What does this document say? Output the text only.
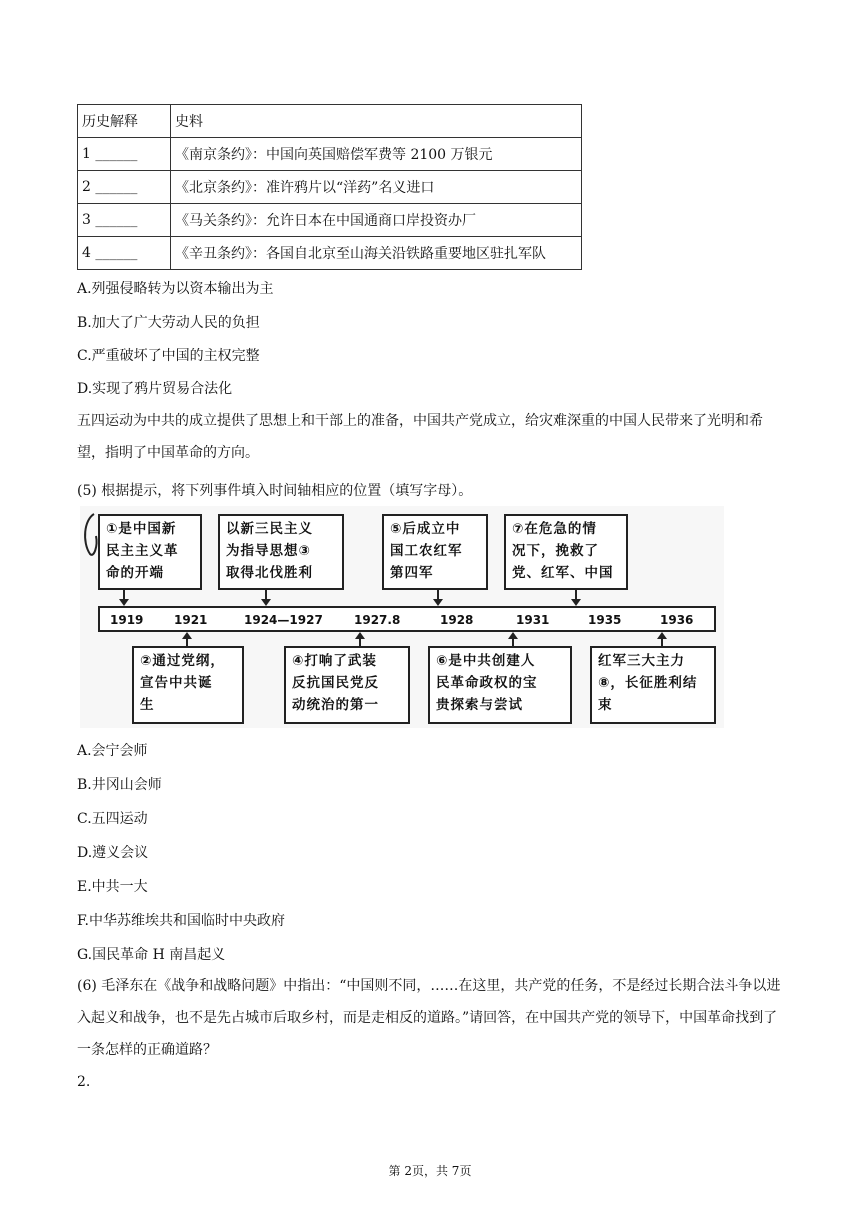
历史解释	史料
1 ______	《南京条约》：中国向英国赔偿军费等 2100 万银元
2 ______	《北京条约》：准许鸦片以“洋药”名义进口
3 ______	《马关条约》：允许日本在中国通商口岸投资办厂
4 ______	《辛丑条约》：各国自北京至山海关沿铁路重要地区驻扎军队
A.列强侵略转为以资本输出为主
B.加大了广大劳动人民的负担
C.严重破坏了中国的主权完整
D.实现了鸦片贸易合法化
五四运动为中共的成立提供了思想上和干部上的准备，中国共产党成立，给灾难深重的中国人民带来了光明和希望，指明了中国革命的方向。
(5) 根据提示，将下列事件填入时间轴相应的位置（填写字母）。
①是中国新
民主主义革
命的开端
以新三民主义
为指导思想③
取得北伐胜利
⑤后成立中
国工农红军
第四军
⑦在危急的情
况下，挽救了
党、红军、中国
1919	1921	1924—1927	1927.8	1928	1931	1935	1936
②通过党纲，
宣告中共诞
生
④打响了武装
反抗国民党反
动统治的第一
⑥是中共创建人
民革命政权的宝
贵探索与尝试
红军三大主力
⑧，长征胜利结
束
A.会宁会师
B.井冈山会师
C.五四运动
D.遵义会议
E.中共一大
F.中华苏维埃共和国临时中央政府
G.国民革命 H 南昌起义
(6) 毛泽东在《战争和战略问题》中指出：“中国则不同，……在这里，共产党的任务，不是经过长期合法斗争以进入起义和战争，也不是先占城市后取乡村，而是走相反的道路。”请回答，在中国共产党的领导下，中国革命找到了一条怎样的正确道路？
2.
第 2页，共 7页
